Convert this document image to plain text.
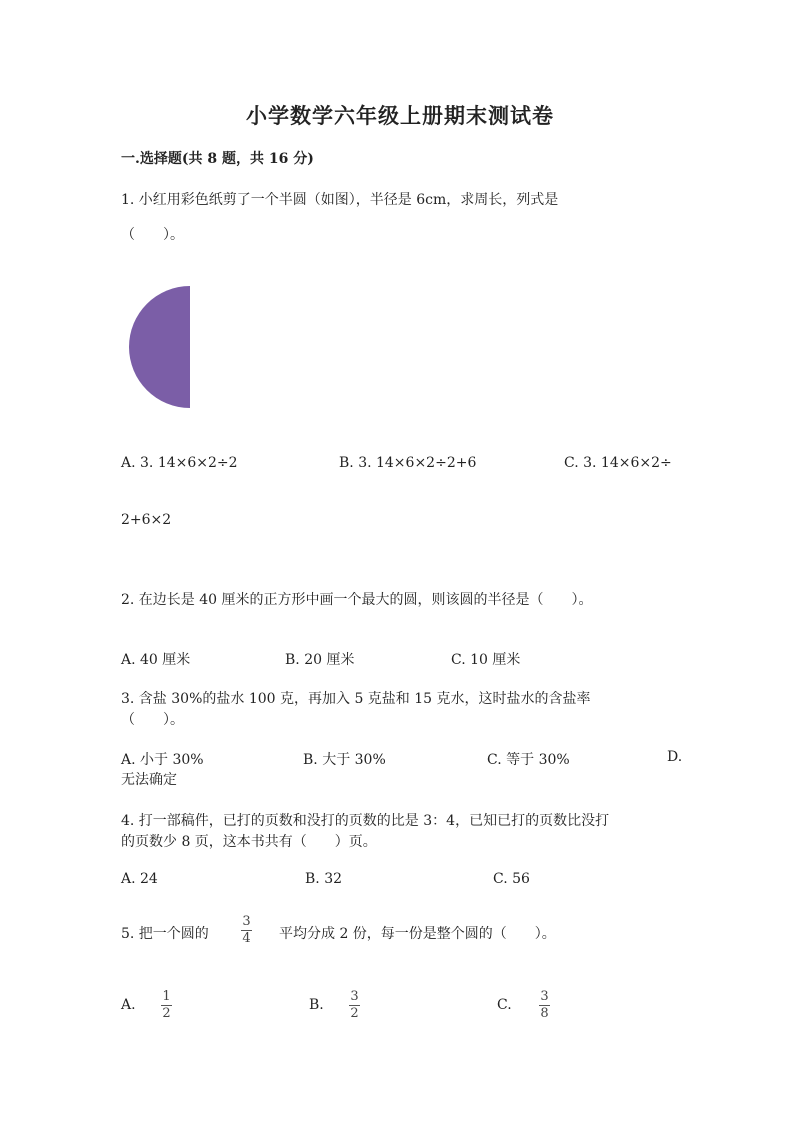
小学数学六年级上册期末测试卷
一.选择题(共 8 题，共 16 分)
1. 小红用彩色纸剪了一个半圆（如图），半径是 6cm，求周长，列式是
（　　）。
A. 3. 14×6×2÷2	B. 3. 14×6×2÷2+6	C. 3. 14×6×2÷
2+6×2
2. 在边长是 40 厘米的正方形中画一个最大的圆，则该圆的半径是（　　）。
A. 40 厘米	B. 20 厘米	C. 10 厘米
3. 含盐 30%的盐水 100 克，再加入 5 克盐和 15 克水，这时盐水的含盐率
（　　）。
A. 小于 30%	B. 大于 30%	C. 等于 30%	D.
无法确定
4. 打一部稿件，已打的页数和没打的页数的比是 3：4，已知已打的页数比没打
的页数少 8 页，这本书共有（　　）页。
A. 24	B. 32	C. 56
5. 把一个圆的
3
4 平均分成 2 份，每一份是整个圆的（　　）。
A.
1
2
B.
3
2
C.
3
8
